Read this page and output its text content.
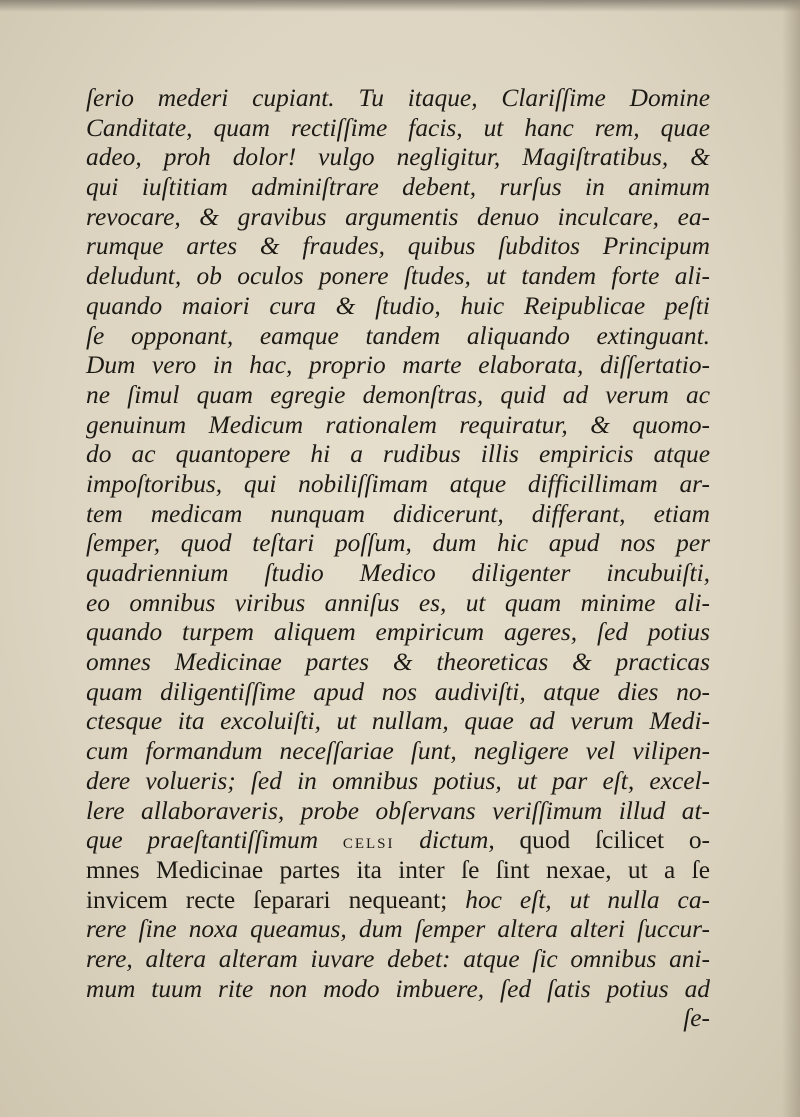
ſerio mederi cupiant. Tu itaque, Clariſſime Domine
Canditate, quam rectiſſime facis, ut hanc rem, quae
adeo, proh dolor! vulgo negligitur, Magiſtratibus, &
qui iuſtitiam adminiſtrare debent, rurſus in animum
revocare, & gravibus argumentis denuo inculcare, ea-
rumque artes & fraudes, quibus ſubditos Principum
deludunt, ob oculos ponere ſtudes, ut tandem forte ali-
quando maiori cura & ſtudio, huic Reipublicae peſti
ſe opponant, eamque tandem aliquando extinguant.
Dum vero in hac, proprio marte elaborata, diſſertatio-
ne ſimul quam egregie demonſtras, quid ad verum ac
genuinum Medicum rationalem requiratur, & quomo-
do ac quantopere hi a rudibus illis empiricis atque
impoſtoribus, qui nobiliſſimam atque difficillimam ar-
tem medicam nunquam didicerunt, differant, etiam
ſemper, quod teſtari poſſum, dum hic apud nos per
quadriennium ſtudio Medico diligenter incubuiſti,
eo omnibus viribus anniſus es, ut quam minime ali-
quando turpem aliquem empiricum ageres, ſed potius
omnes Medicinae partes & theoreticas & practicas
quam diligentiſſime apud nos audiviſti, atque dies no-
ctesque ita excoluiſti, ut nullam, quae ad verum Medi-
cum formandum neceſſariae ſunt, negligere vel vilipen-
dere volueris; ſed in omnibus potius, ut par eſt, excel-
lere allaboraveris, probe obſervans veriſſimum illud at-
que praeſtantiſſimum celsi dictum, quod ſcilicet o-
mnes Medicinae partes ita inter ſe ſint nexae, ut a ſe
invicem recte ſeparari nequeant; hoc eſt, ut nulla ca-
rere ſine noxa queamus, dum ſemper altera alteri ſuccur-
rere, altera alteram iuvare debet: atque ſic omnibus ani-
mum tuum rite non modo imbuere, ſed ſatis potius ad
ſe-
